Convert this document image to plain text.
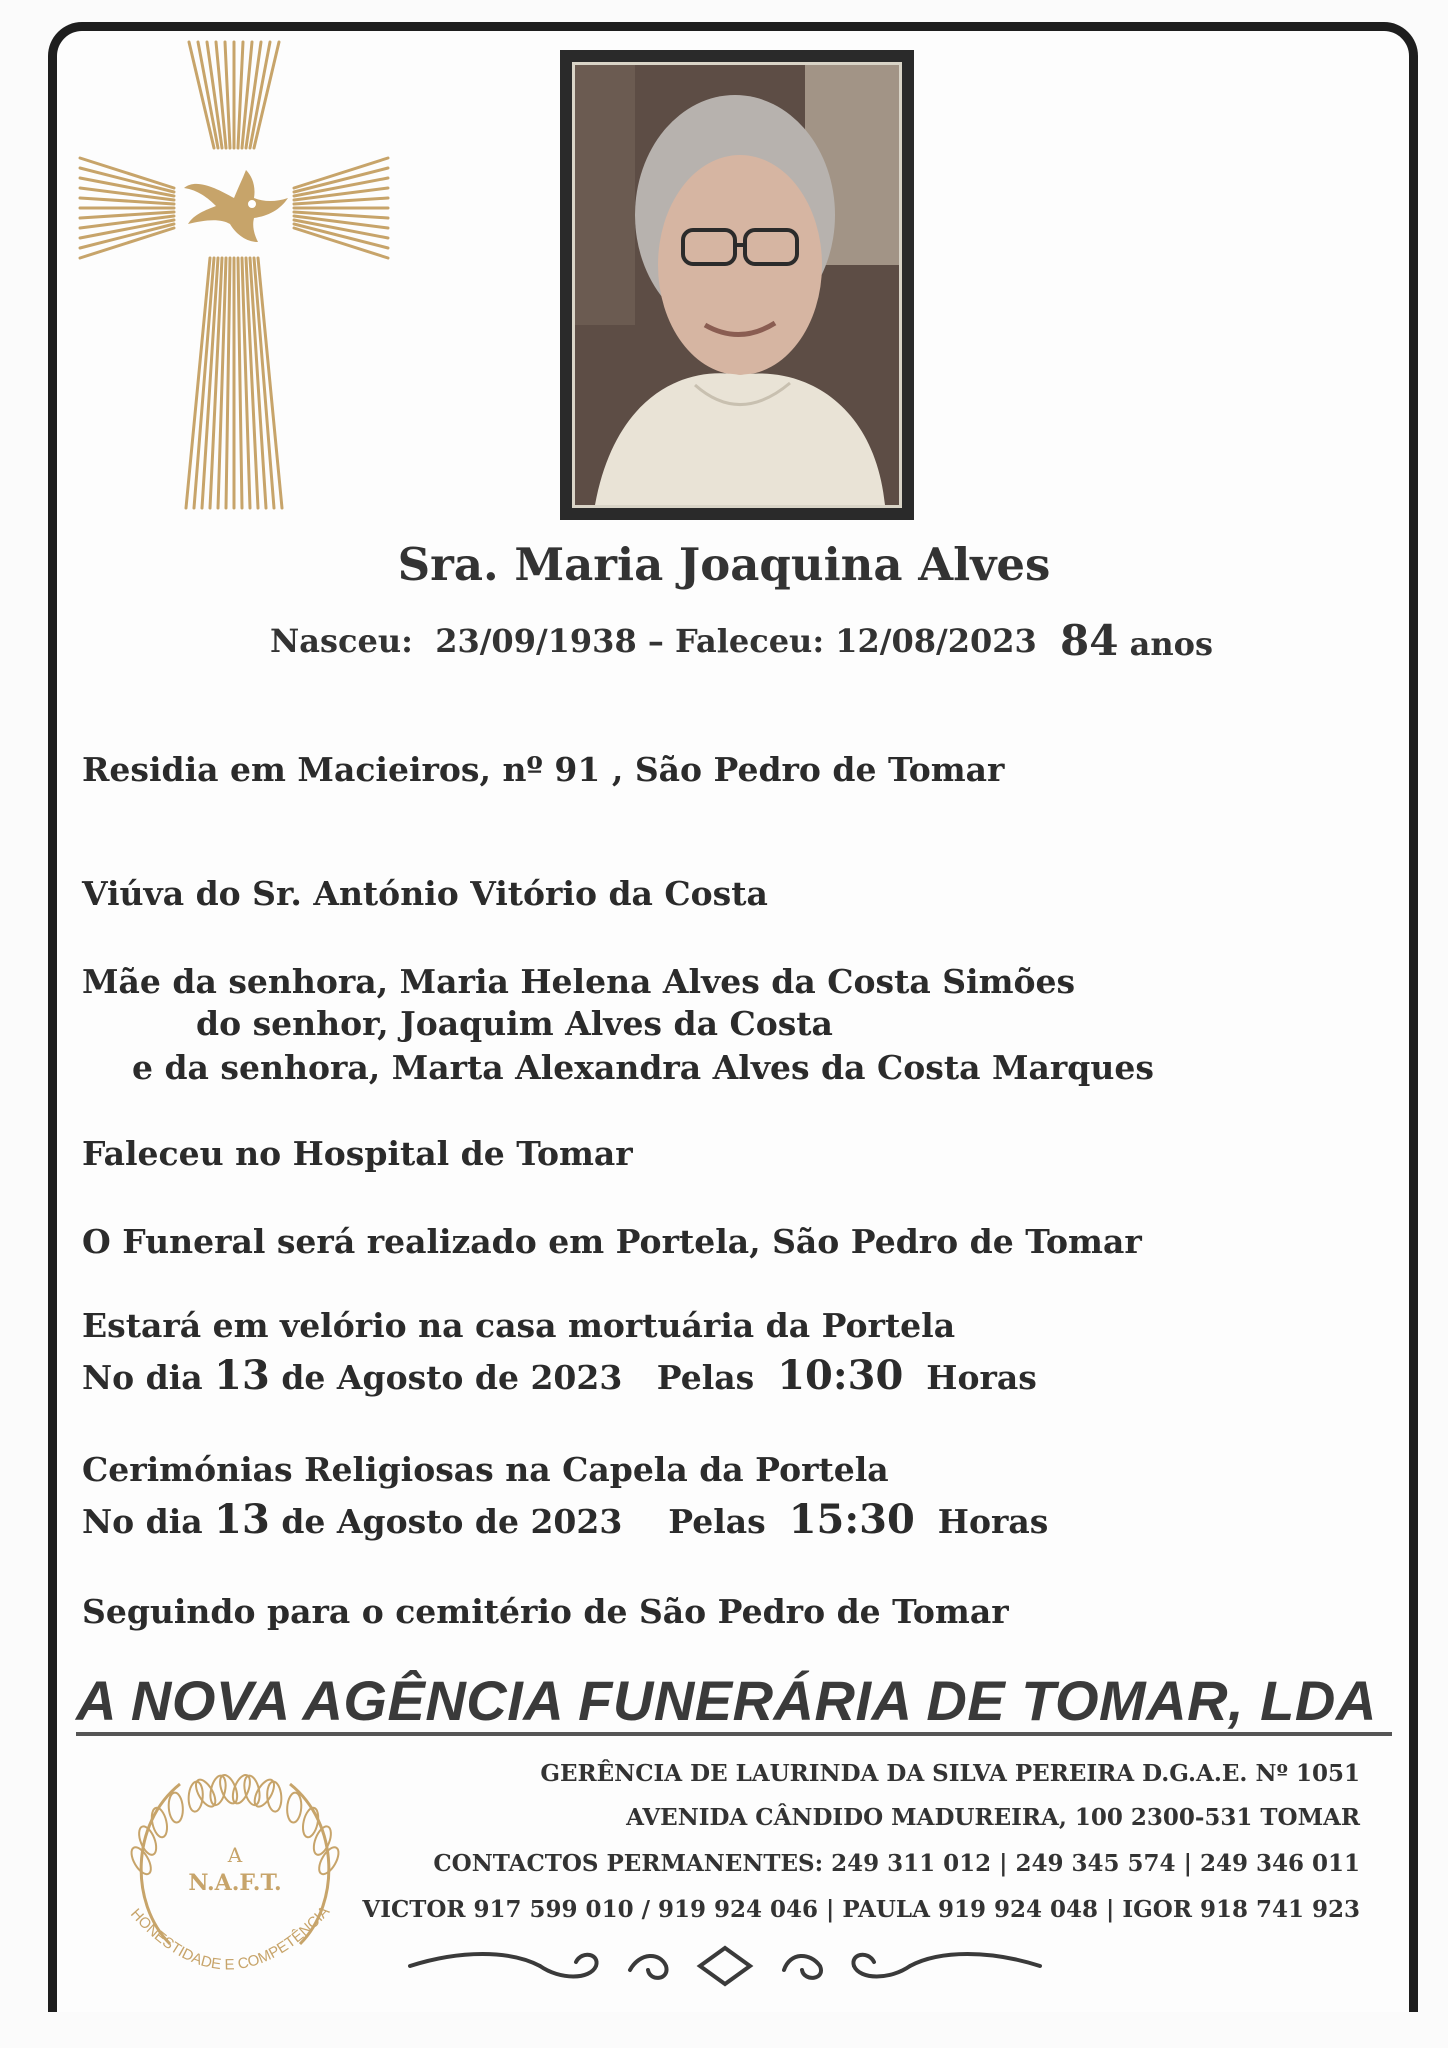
Sra. Maria Joaquina Alves
Nasceu: 23/09/1938 – Faleceu: 12/08/2023 84 anos
Residia em Macieiros, nº 91 , São Pedro de Tomar
Viúva do Sr. António Vitório da Costa
Mãe da senhora, Maria Helena Alves da Costa Simões
do senhor, Joaquim Alves da Costa
e da senhora, Marta Alexandra Alves da Costa Marques
Faleceu no Hospital de Tomar
O Funeral será realizado em Portela, São Pedro de Tomar
Estará em velório na casa mortuária da Portela
No dia 13 de Agosto de 2023 Pelas 10:30 Horas
Cerimónias Religiosas na Capela da Portela
No dia 13 de Agosto de 2023 Pelas 15:30 Horas
Seguindo para o cemitério de São Pedro de Tomar
A NOVA AGÊNCIA FUNERÁRIA DE TOMAR, LDA
A
N.A.F.T.
HONESTIDADE E COMPETÊNCIA
GERÊNCIA DE LAURINDA DA SILVA PEREIRA D.G.A.E. Nº 1051
AVENIDA CÂNDIDO MADUREIRA, 100 2300-531 TOMAR
CONTACTOS PERMANENTES: 249 311 012 | 249 345 574 | 249 346 011
VICTOR 917 599 010 / 919 924 046 | PAULA 919 924 048 | IGOR 918 741 923
